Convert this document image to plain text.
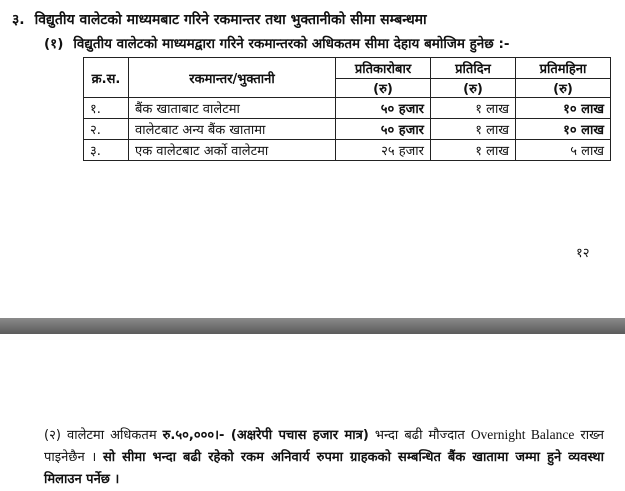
३. विद्युतीय वालेटको माध्यमबाट गरिने रकमान्तर तथा भुक्तानीको सीमा सम्बन्धमा
(१) विद्युतीय वालेटको माध्यमद्वारा गरिने रकमान्तरको अधिकतम सीमा देहाय बमोजिम हुनेछ :-
क्र.स.	रकमान्तर/भुक्तानी	प्रतिकारोबार	प्रतिदिन	प्रतिमहिना
		(रु)	(रु)	(रु)
१.	बैंक खाताबाट वालेटमा	५० हजार	१ लाख	१० लाख
२.	वालेटबाट अन्य बैंक खातामा	५० हजार	१ लाख	१० लाख
३.	एक वालेटबाट अर्को वालेटमा	२५ हजार	१ लाख	५ लाख
१२
(२) वालेटमा अधिकतम रु.५०,०००।- (अक्षरेपी पचास हजार मात्र) भन्दा बढी मौज्दात Overnight Balance राख्न पाइनेछैन । सो सीमा भन्दा बढी रहेको रकम अनिवार्य रुपमा ग्राहकको सम्बन्धित बैंक खातामा जम्मा हुने व्यवस्था मिलाउन पर्नेछ ।
